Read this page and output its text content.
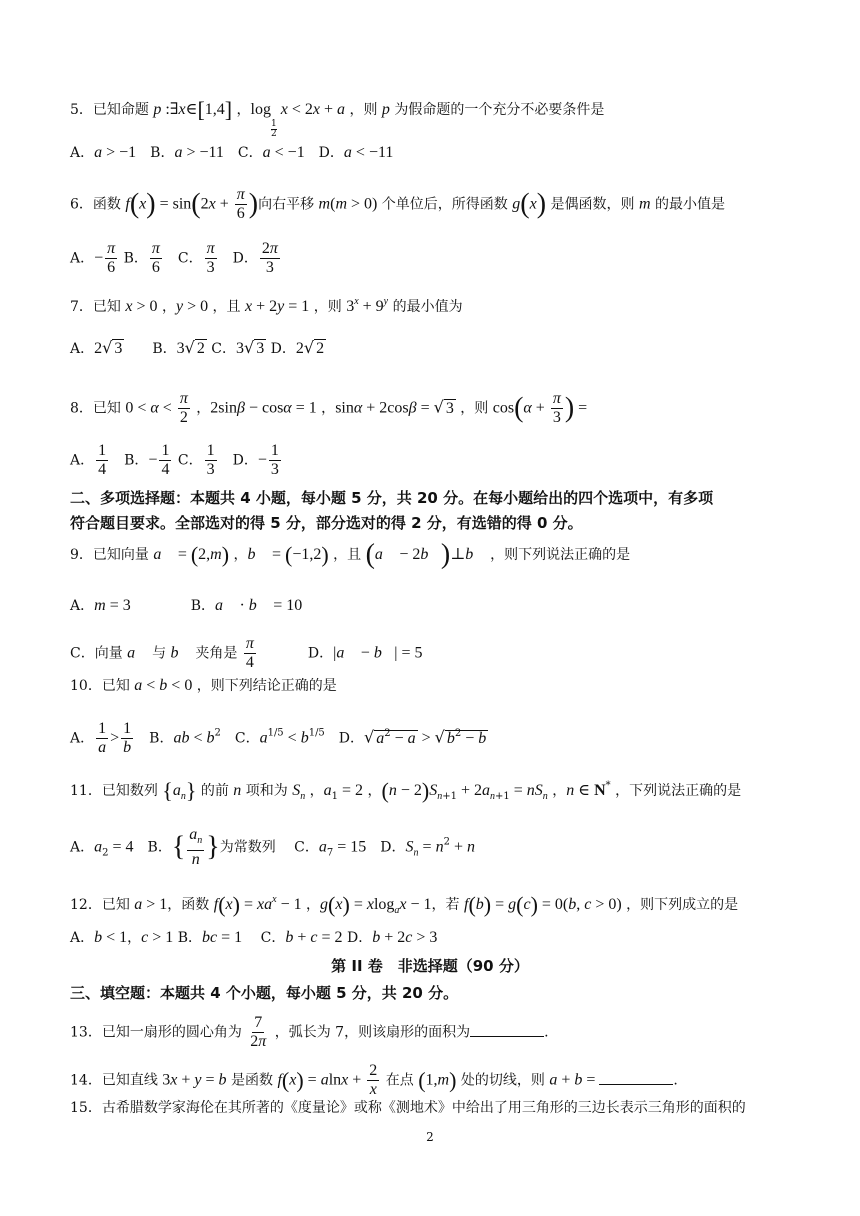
5．已知命题 p :∃x∈[1,4] ，log
$_{\frac{1}{2}}$
x < 2x + a ，则 p 为假命题的一个充分不必要条件是
A．a > −1　B．a > −11　C．a < −1　D．a < −11
6．函数 $f(x) = \sin(2x + \frac{\pi}{6}$ )向右平移 m(m > 0) 个单位后，所得函数 g(x) 是偶函数，则 m 的最小值是
A．− $\frac{\pi}{6}$ B． $\frac{\pi}{6}$ 　C． $\frac{\pi}{3}$ 　D． $\frac{2\pi}{3}$
7．已知 x > 0 ，y > 0 ，且 x + 2y = 1 ，则 $3^x + 9^y$ 的最小值为
A．2√ 3　　B．3√ 2 C．3√ 3 D．2√ 2
8．已知 $0 < \alpha < \frac{\pi}{2}$ ，2sinβ − cosα = 1 ，sinα + 2cosβ = √ 3 ，则 $\cos(\alpha + \frac{\pi}{3}$ ) =
A． $\frac{1}{4}$ 　B．− $\frac{1}{4}$ C． $\frac{1}{3}$ 　D．− $\frac{1}{3}$
二、多项选择题：本题共 4 小题，每小题 5 分，共 20 分。在每小题给出的四个选项中，有多项
符合题目要求。全部选对的得 5 分，部分选对的得 2 分，有选错的得 0 分。
9．已知向量 a⃗ = (2,m) ，b⃗ = (−1,2) ，且 (a⃗ − 2b⃗)⊥b⃗ ，则下列说法正确的是
A．m = 3	B．a⃗ · b⃗ = 10
C．向量 a⃗ 与 b⃗ 夹角是 $\frac{\pi}{4}$	D．|a⃗ − b⃗| = 5
10．已知 a < b < 0 ，则下列结论正确的是
A． $\frac{1}{a} > \frac{1}{b}$ 　B．ab < $b^2$　C．$a^{1/5} < b^{1/5}$　D．√ $a^2 - a$ > √ $b^2 - b$
11．已知数列 $\{a_n\}$ 的前 n 项和为 $S_n$ ，$a_1 = 2$ ，$(n - 2)S_{n+1} + 2a_{n+1} = nS_n$ ，n ∈ N* ，下列说法正确的是
A．$a_2 = 4$　B．{ $\frac{a_n}{n}$ }为常数列　 C．$a_7 = 15$　D．$S_n = n^2 + n$
12．已知 a > 1，函数 $f(x) = xa^x - 1$ ，g(x) = xlog$_a$x − 1，若 f(b) = g(c) = 0(b, c > 0) ，则下列成立的是
A．b < 1，c > 1 B．bc = 1　 C．b + c = 2 D．b + 2c > 3
第 II 卷　非选择题（90 分）
三、填空题：本题共 4 个小题，每小题 5 分，共 20 分。
13．已知一扇形的圆心角为 $\frac{7}{2\pi}$ ，弧长为 7，则该扇形的面积为	.
14．已知直线 3x + y = b 是函数 $f(x) = alnx + \frac{2}{x}$ 在点 (1,m) 处的切线，则 a + b =	.
15．古希腊数学家海伦在其所著的《度量论》或称《测地术》中给出了用三角形的三边长表示三角形的面积的
2
